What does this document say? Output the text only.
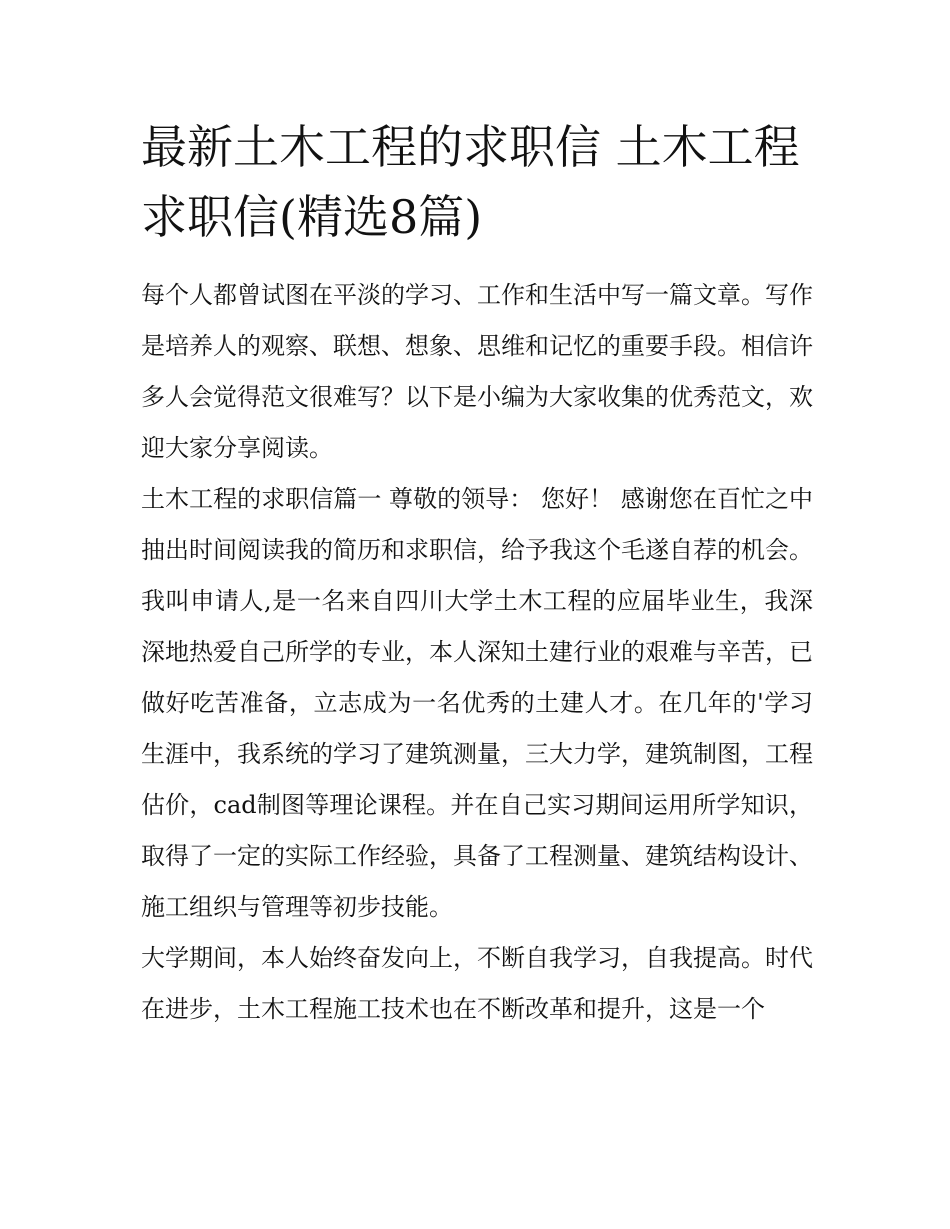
最新土木工程的求职信 土木工程求职信(精选8篇)

每个人都曾试图在平淡的学习、工作和生活中写一篇文章。写作是培养人的观察、联想、想象、思维和记忆的重要手段。相信许多人会觉得范文很难写？以下是小编为大家收集的优秀范文，欢迎大家分享阅读。

土木工程的求职信篇一 尊敬的领导： 您好！ 感谢您在百忙之中抽出时间阅读我的简历和求职信，给予我这个毛遂自荐的机会。

我叫申请人,是一名来自四川大学土木工程的应届毕业生，我深深地热爱自己所学的专业，本人深知土建行业的艰难与辛苦，已做好吃苦准备，立志成为一名优秀的土建人才。在几年的'学习生涯中，我系统的学习了建筑测量，三大力学，建筑制图，工程估价，cad制图等理论课程。并在自己实习期间运用所学知识，取得了一定的实际工作经验，具备了工程测量、建筑结构设计、施工组织与管理等初步技能。

大学期间，本人始终奋发向上，不断自我学习，自我提高。时代在进步，土木工程施工技术也在不断改革和提升，这是一个
